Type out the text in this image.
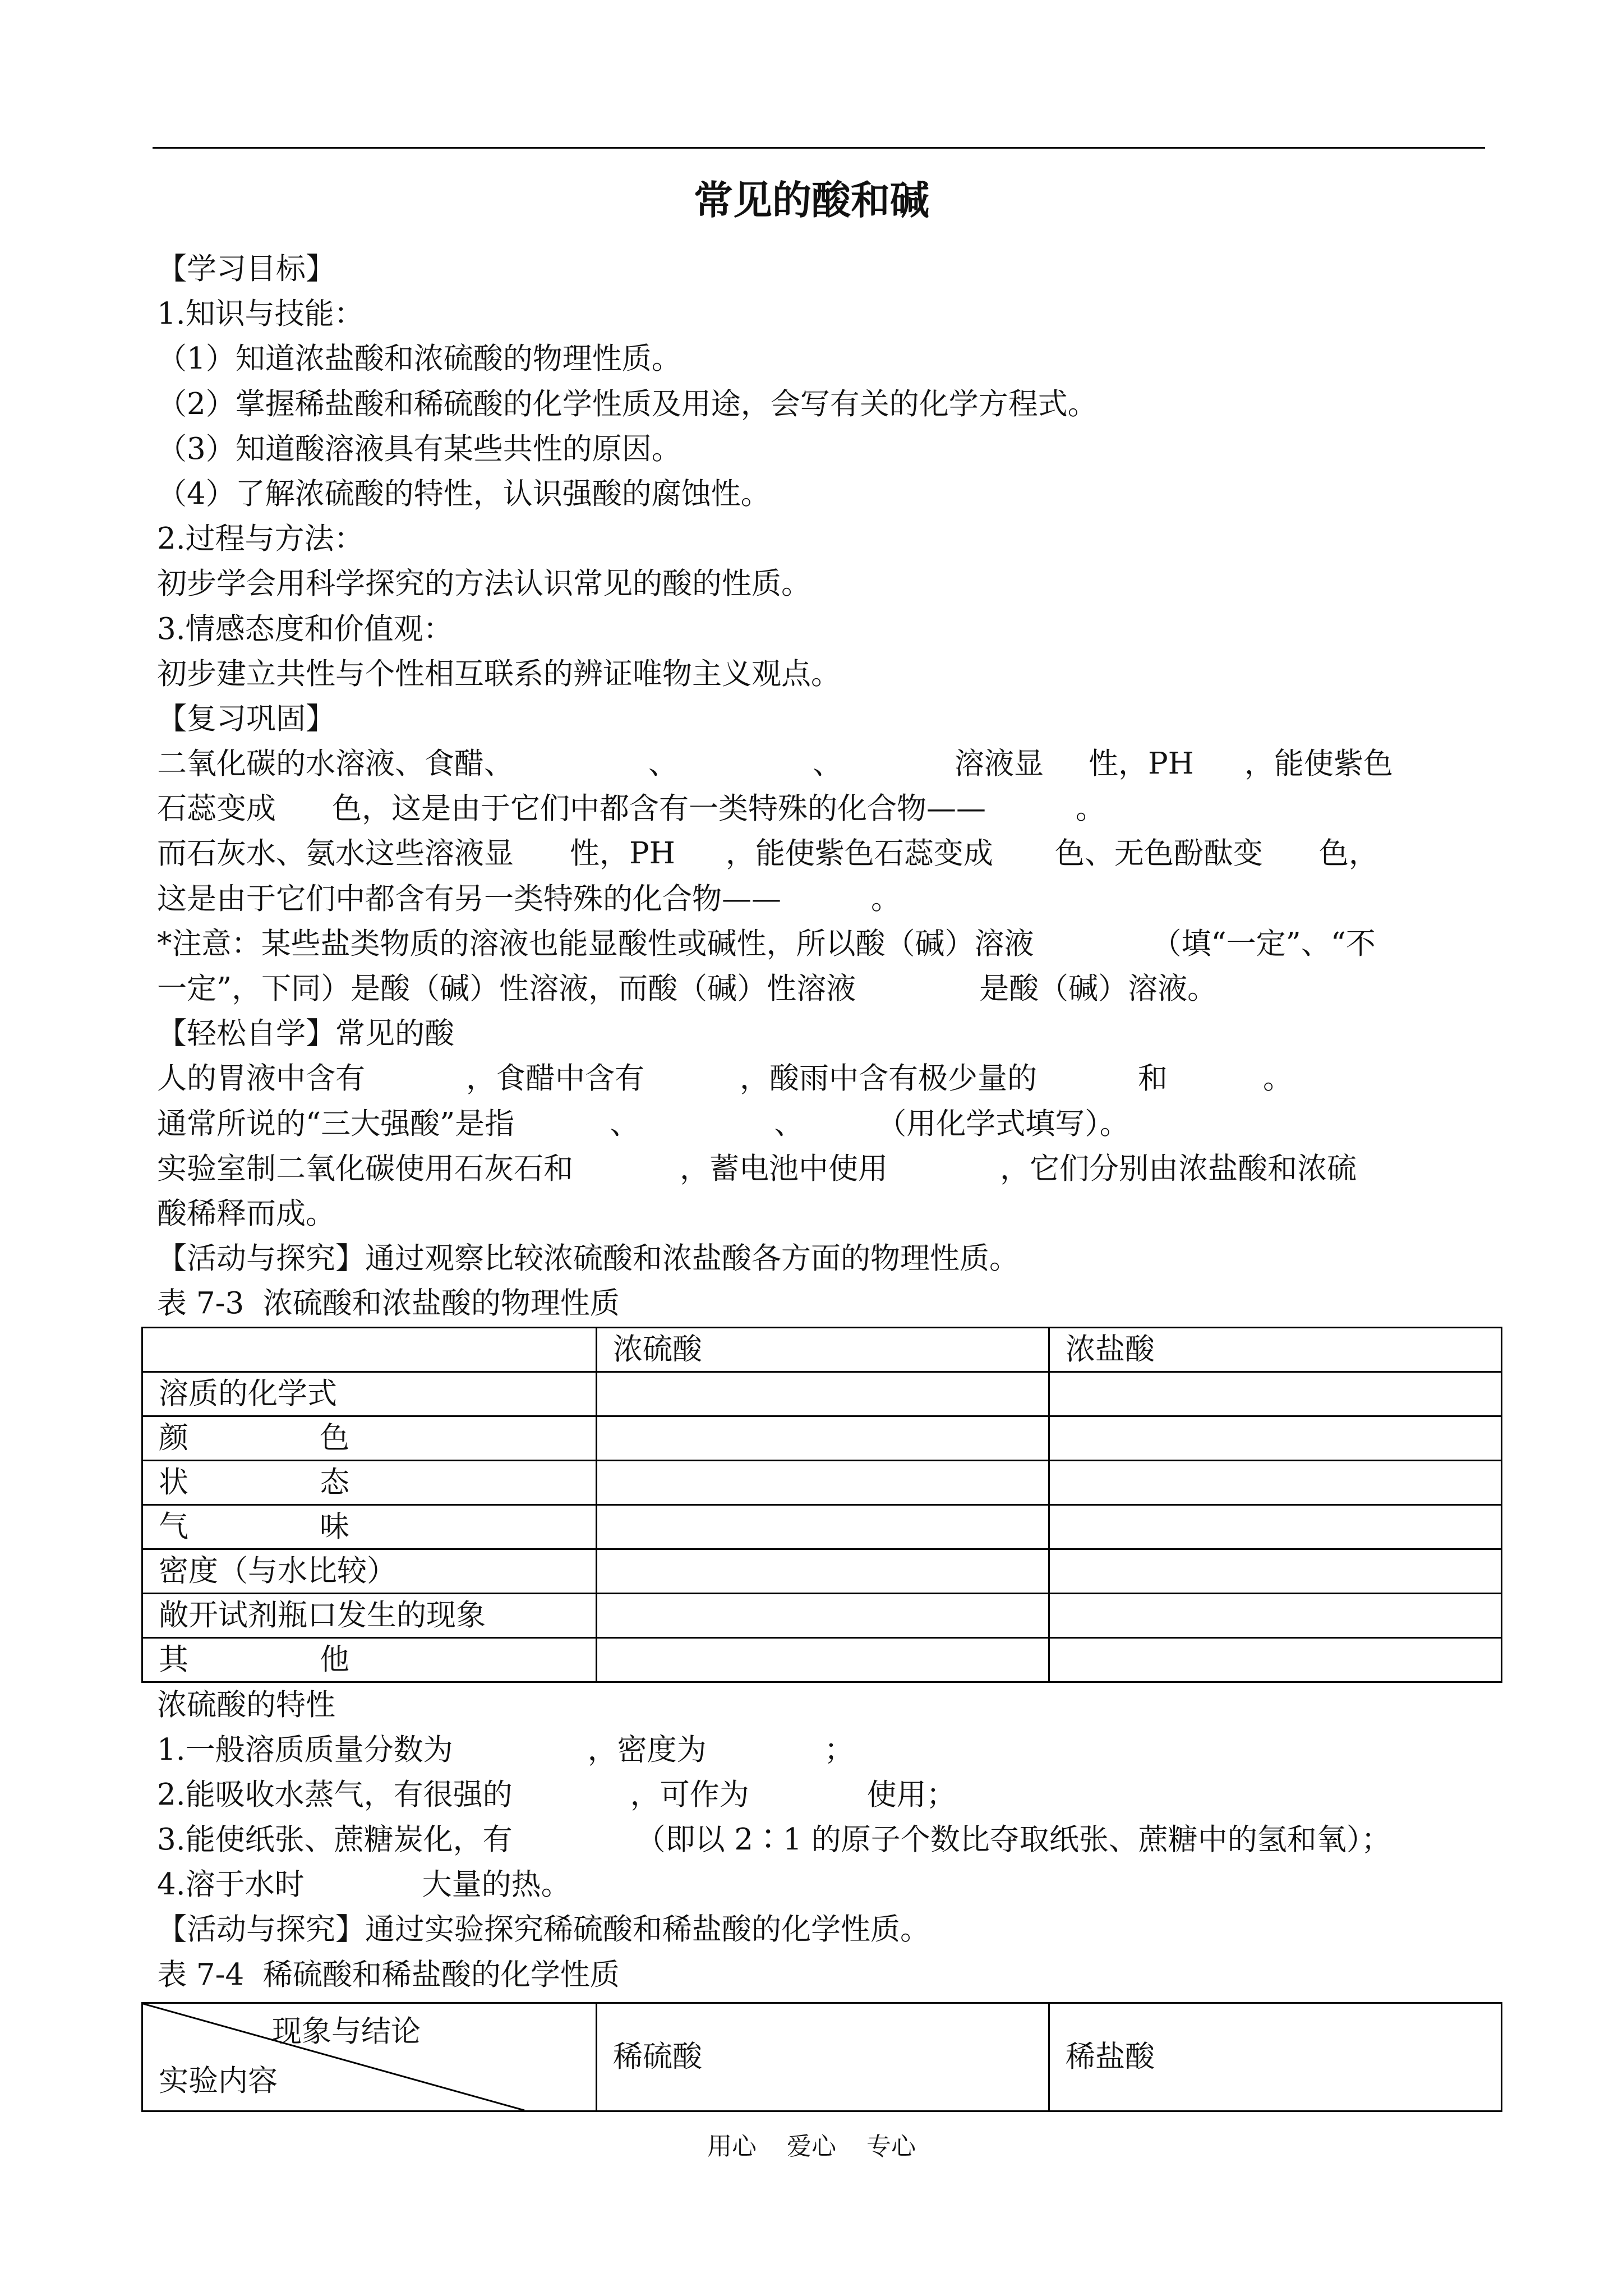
常见的酸和碱
【学习目标】
1.知识与技能：
（1）知道浓盐酸和浓硫酸的物理性质。
（2）掌握稀盐酸和稀硫酸的化学性质及用途，会写有关的化学方程式。
（3）知道酸溶液具有某些共性的原因。
（4）了解浓硫酸的特性，认识强酸的腐蚀性。
2.过程与方法：
初步学会用科学探究的方法认识常见的酸的性质。
3.情感态度和价值观：
初步建立共性与个性相互联系的辨证唯物主义观点。
【复习巩固】
二氧化碳的水溶液、食醋、	、	、	溶液显 性，PH ，能使紫色
石蕊变成 色，这是由于它们中都含有一类特殊的化合物——	。
而石灰水、氨水这些溶液显 性，PH ，能使紫色石蕊变成 色、无色酚酞变 色，
这是由于它们中都含有另一类特殊的化合物——	。
*注意：某些盐类物质的溶液也能显酸性或碱性，所以酸（碱）溶液	（填“一定”、“不
一定”，下同）是酸（碱）性溶液，而酸（碱）性溶液	是酸（碱）溶液。
【轻松自学】常见的酸
人的胃液中含有	，食醋中含有	，酸雨中含有极少量的	和	。
通常所说的“三大强酸”是指	、	、 （用化学式填写）。
实验室制二氧化碳使用石灰石和	，蓄电池中使用	，它们分别由浓盐酸和浓硫
酸稀释而成。
【活动与探究】通过观察比较浓硫酸和浓盐酸各方面的物理性质。
表 7-3  浓硫酸和浓盐酸的物理性质
	浓硫酸	浓盐酸
溶质的化学式		

颜 色		

状 态		

气 味		

密度（与水比较）		
敞开试剂瓶口发生的现象		

其 他		

浓硫酸的特性
1.一般溶质质量分数为	，密度为	；
2.能吸收水蒸气，有很强的	，可作为	使用；
3.能使纸张、蔗糖炭化，有	（即以 2∶1 的原子个数比夺取纸张、蔗糖中的氢和氧）；
4.溶于水时	大量的热。
【活动与探究】通过实验探究稀硫酸和稀盐酸的化学性质。
表 7-4  稀硫酸和稀盐酸的化学性质
现象与结论
实验内容
	稀硫酸	稀盐酸
用心 爱心 专心
